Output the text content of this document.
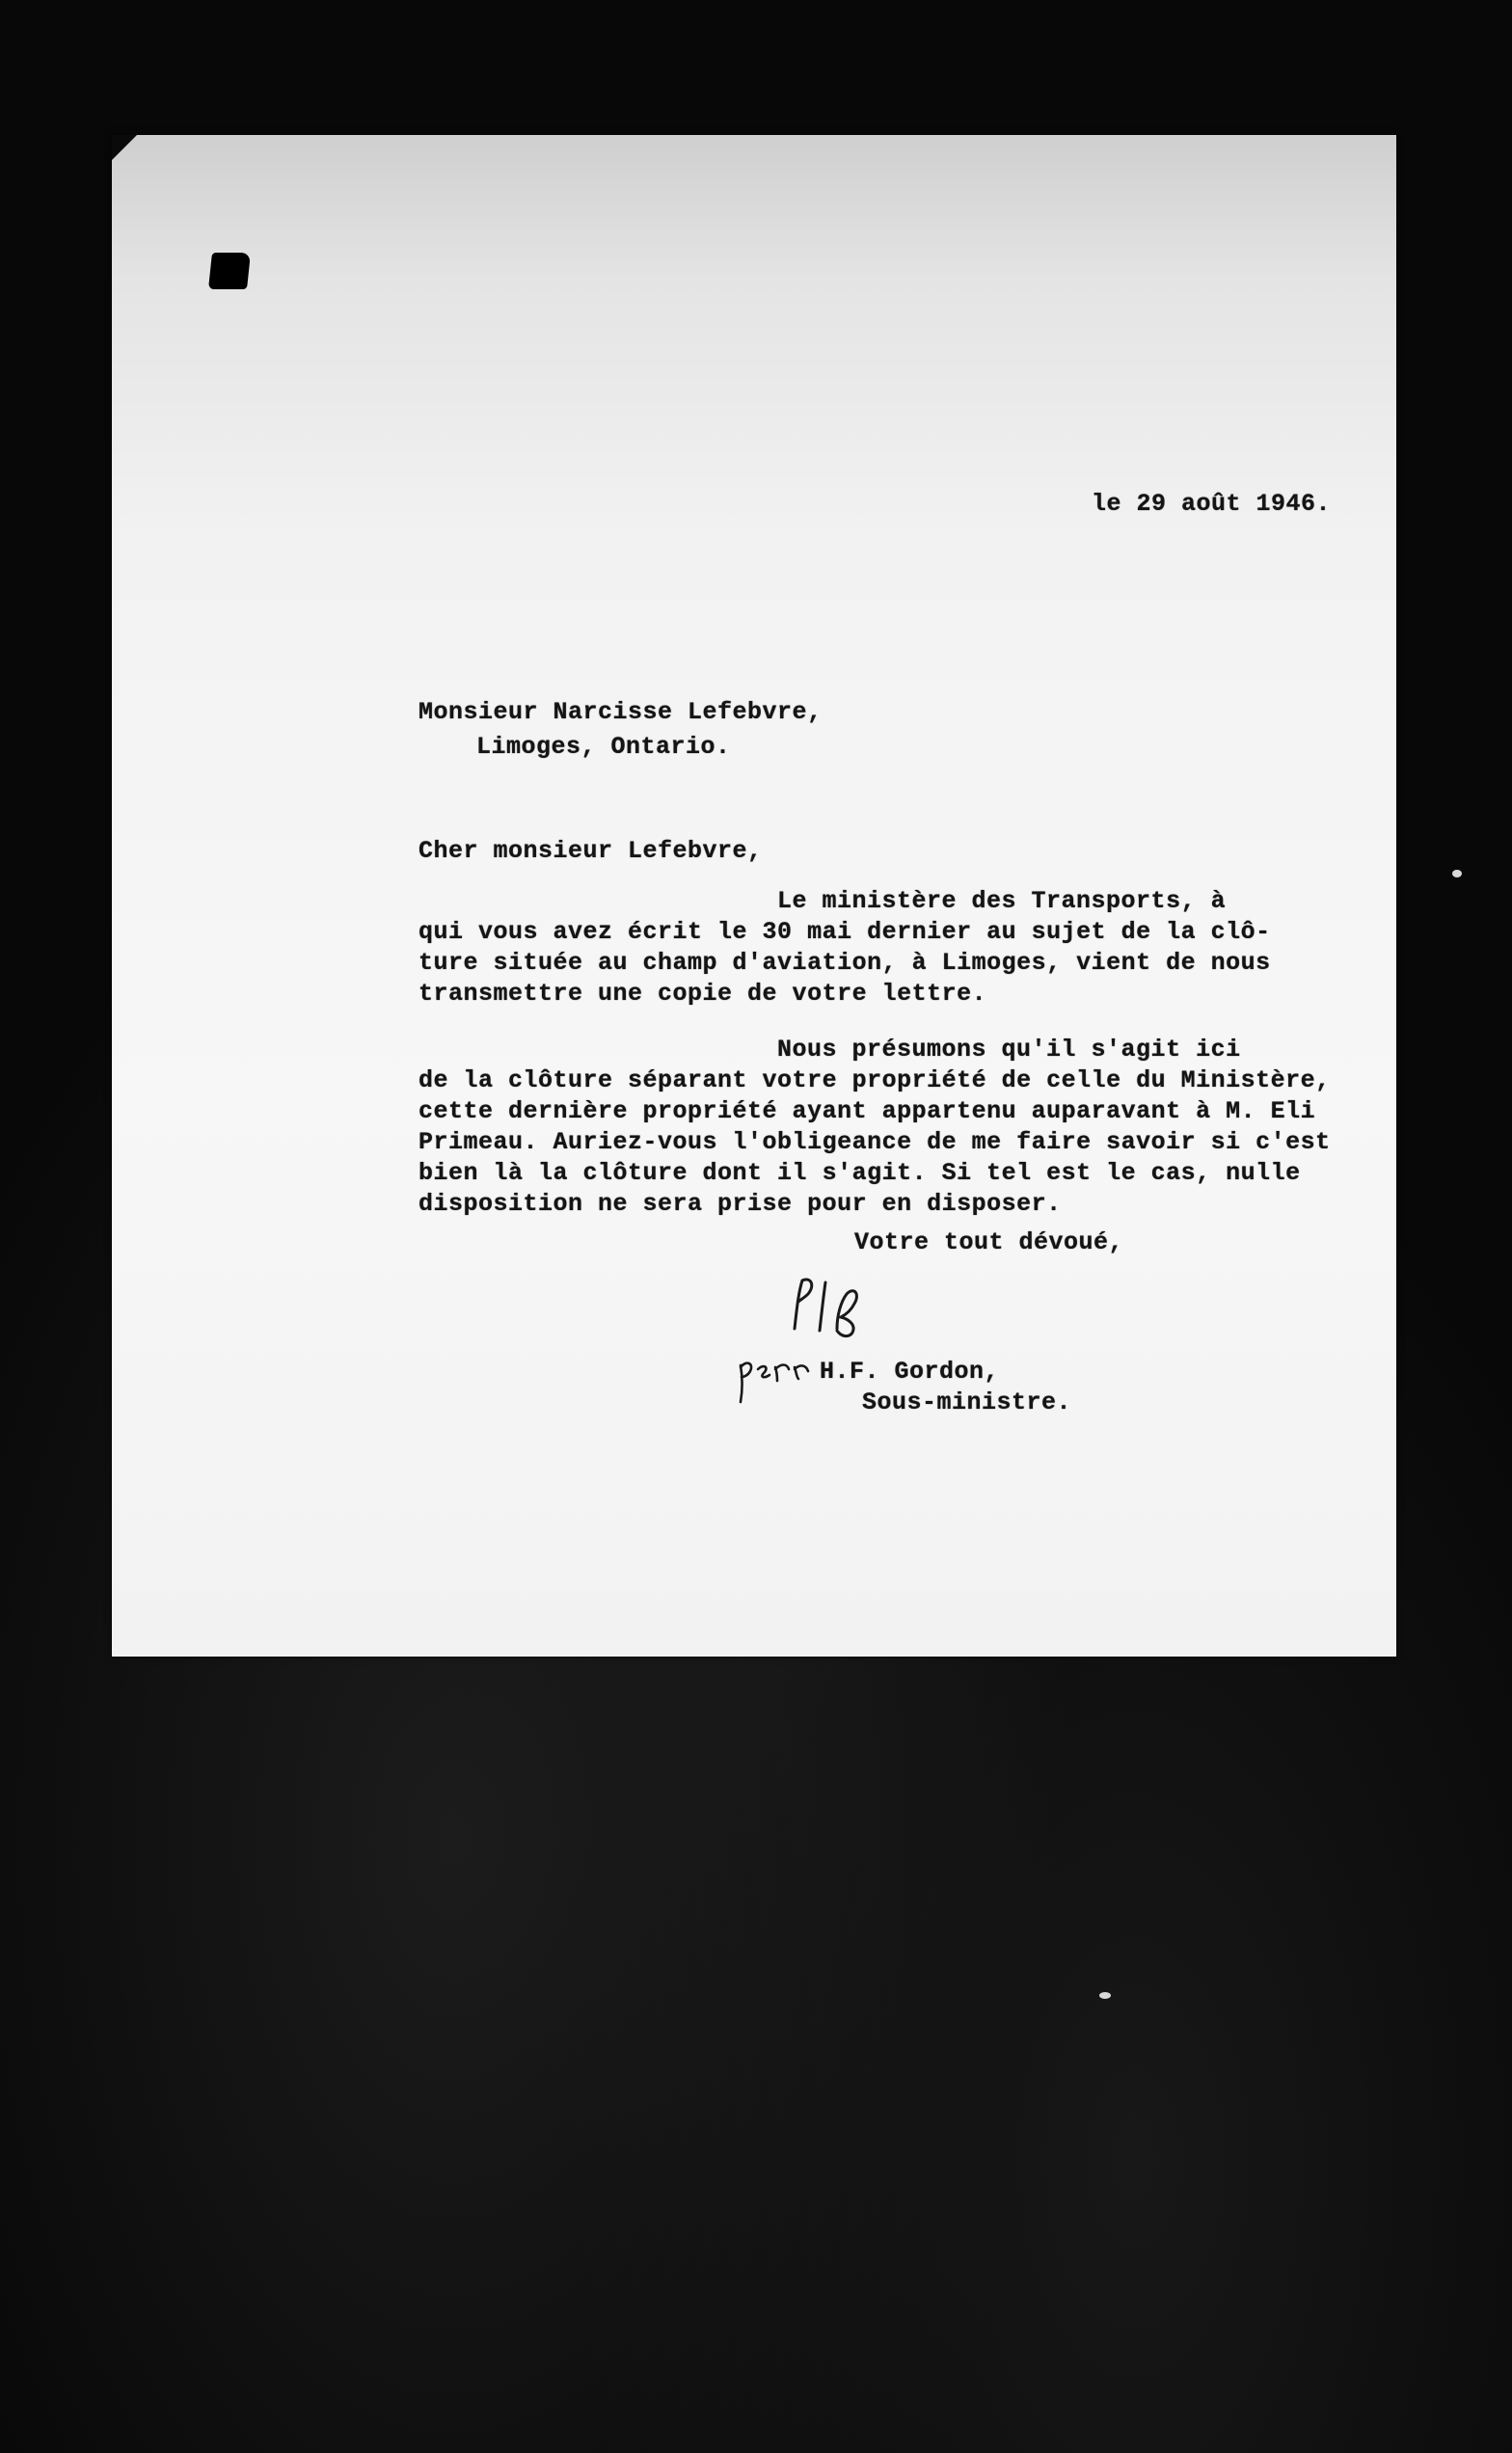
le 29 août 1946.

Monsieur Narcisse Lefebvre,

Limoges, Ontario.

Cher monsieur Lefebvre,

Le ministère des Transports, à

qui vous avez écrit le 30 mai dernier au sujet de la clô-

ture située au champ d'aviation, à Limoges, vient de nous

transmettre une copie de votre lettre.

Nous présumons qu'il s'agit ici

de la clôture séparant votre propriété de celle du Ministère,

cette dernière propriété ayant appartenu auparavant à M. Eli

Primeau. Auriez-vous l'obligeance de me faire savoir si c'est

bien là la clôture dont il s'agit. Si tel est le cas, nulle

disposition ne sera prise pour en disposer.

Votre tout dévoué,

H.F. Gordon,

Sous-ministre.
